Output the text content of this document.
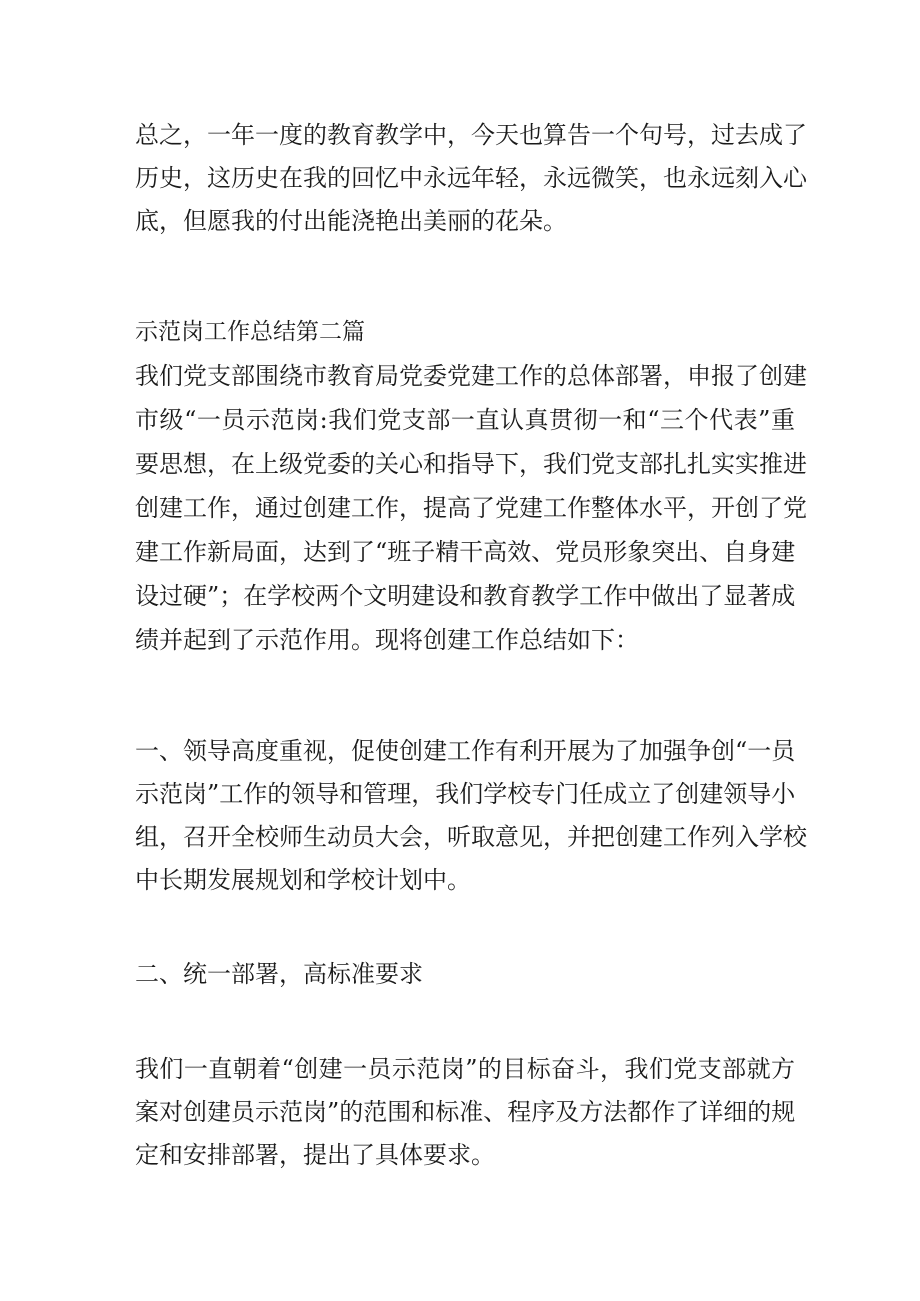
总之，一年一度的教育教学中，今天也算告一个句号，过去成了
历史，这历史在我的回忆中永远年轻，永远微笑，也永远刻入心
底，但愿我的付出能浇艳出美丽的花朵。
示范岗工作总结第二篇
我们党支部围绕市教育局党委党建工作的总体部署，申报了创建
市级“一员示范岗:我们党支部一直认真贯彻一和“三个代表”重
要思想，在上级党委的关心和指导下，我们党支部扎扎实实推进
创建工作，通过创建工作，提高了党建工作整体水平，开创了党
建工作新局面，达到了“班子精干高效、党员形象突出、自身建
设过硬”；在学校两个文明建设和教育教学工作中做出了显著成
绩并起到了示范作用。现将创建工作总结如下：
一、领导高度重视，促使创建工作有利开展为了加强争创“一员
示范岗”工作的领导和管理，我们学校专门任成立了创建领导小
组，召开全校师生动员大会，听取意见，并把创建工作列入学校
中长期发展规划和学校计划中。
二、统一部署，高标准要求
我们一直朝着“创建一员示范岗”的目标奋斗，我们党支部就方
案对创建员示范岗”的范围和标准、程序及方法都作了详细的规
定和安排部署，提出了具体要求。
